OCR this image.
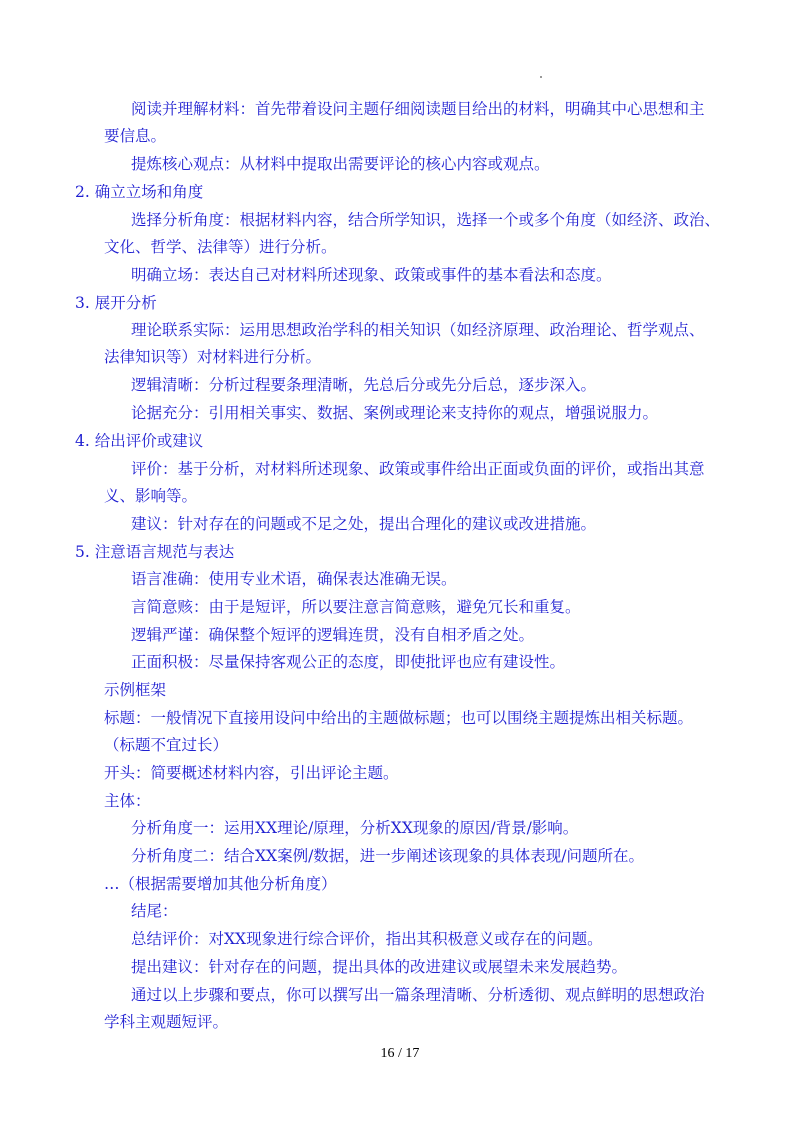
阅读并理解材料：首先带着设问主题仔细阅读题目给出的材料，明确其中心思想和主
要信息。
提炼核心观点：从材料中提取出需要评论的核心内容或观点。
2. 确立立场和角度
选择分析角度：根据材料内容，结合所学知识，选择一个或多个角度（如经济、政治、
文化、哲学、法律等）进行分析。
明确立场：表达自己对材料所述现象、政策或事件的基本看法和态度。
3. 展开分析
理论联系实际：运用思想政治学科的相关知识（如经济原理、政治理论、哲学观点、
法律知识等）对材料进行分析。
逻辑清晰：分析过程要条理清晰，先总后分或先分后总，逐步深入。
论据充分：引用相关事实、数据、案例或理论来支持你的观点，增强说服力。
4. 给出评价或建议
评价：基于分析，对材料所述现象、政策或事件给出正面或负面的评价，或指出其意
义、影响等。
建议：针对存在的问题或不足之处，提出合理化的建议或改进措施。
5. 注意语言规范与表达
语言准确：使用专业术语，确保表达准确无误。
言简意赅：由于是短评，所以要注意言简意赅，避免冗长和重复。
逻辑严谨：确保整个短评的逻辑连贯，没有自相矛盾之处。
正面积极：尽量保持客观公正的态度，即使批评也应有建设性。
示例框架
标题：一般情况下直接用设问中给出的主题做标题；也可以围绕主题提炼出相关标题。
（标题不宜过长）
开头：简要概述材料内容，引出评论主题。
主体：
分析角度一：运用XX理论/原理，分析XX现象的原因/背景/影响。
分析角度二：结合XX案例/数据，进一步阐述该现象的具体表现/问题所在。
…（根据需要增加其他分析角度）
结尾：
总结评价：对XX现象进行综合评价，指出其积极意义或存在的问题。
提出建议：针对存在的问题，提出具体的改进建议或展望未来发展趋势。
通过以上步骤和要点，你可以撰写出一篇条理清晰、分析透彻、观点鲜明的思想政治
学科主观题短评。
16 / 17
